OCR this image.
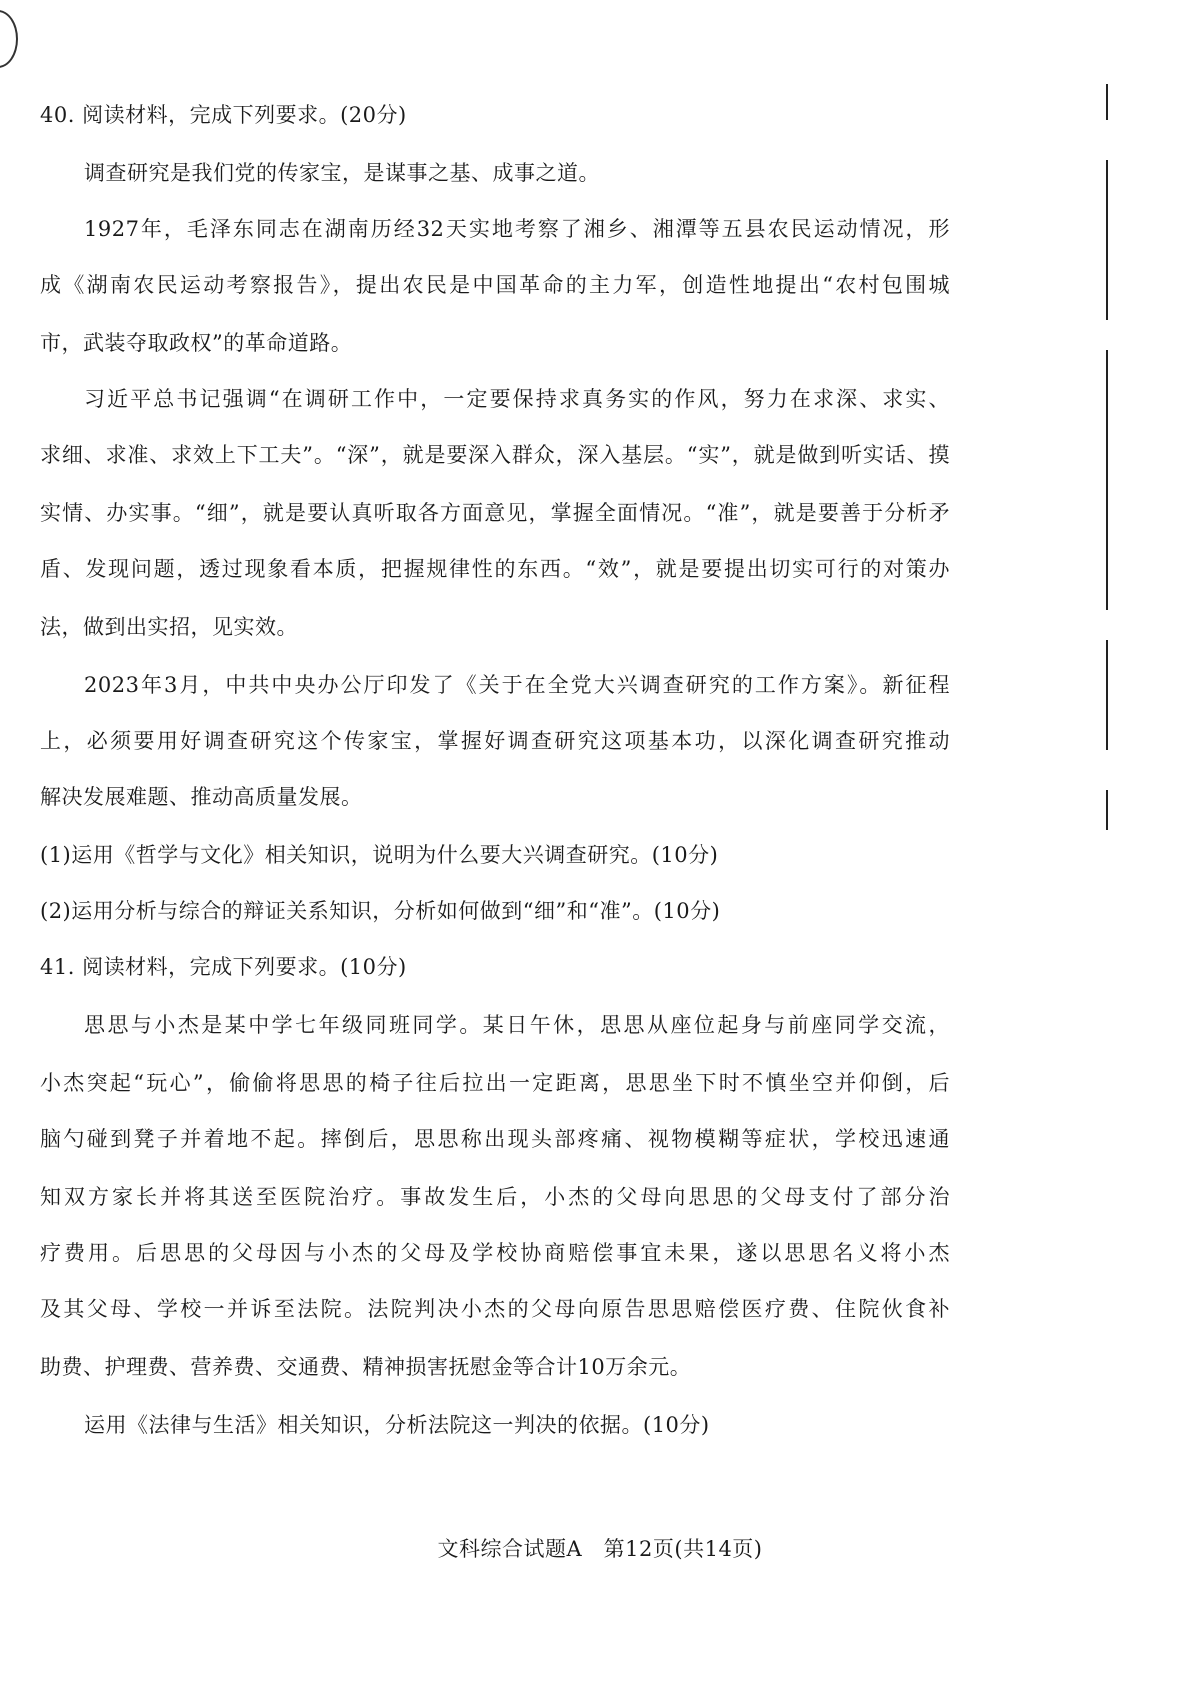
40. 阅读材料，完成下列要求。(20分)

调查研究是我们党的传家宝，是谋事之基、成事之道。

1927年，毛泽东同志在湖南历经32天实地考察了湘乡、湘潭等五县农民运动情况，形

成《湖南农民运动考察报告》，提出农民是中国革命的主力军，创造性地提出“农村包围城

市，武装夺取政权”的革命道路。

习近平总书记强调“在调研工作中，一定要保持求真务实的作风，努力在求深、求实、

求细、求准、求效上下工夫”。“深”，就是要深入群众，深入基层。“实”，就是做到听实话、摸

实情、办实事。“细”，就是要认真听取各方面意见，掌握全面情况。“准”，就是要善于分析矛

盾、发现问题，透过现象看本质，把握规律性的东西。“效”，就是要提出切实可行的对策办

法，做到出实招，见实效。

2023年3月，中共中央办公厅印发了《关于在全党大兴调查研究的工作方案》。新征程

上，必须要用好调查研究这个传家宝，掌握好调查研究这项基本功，以深化调查研究推动

解决发展难题、推动高质量发展。

(1)运用《哲学与文化》相关知识，说明为什么要大兴调查研究。(10分)

(2)运用分析与综合的辩证关系知识，分析如何做到“细”和“准”。(10分)

41. 阅读材料，完成下列要求。(10分)

思思与小杰是某中学七年级同班同学。某日午休，思思从座位起身与前座同学交流，

小杰突起“玩心”，偷偷将思思的椅子往后拉出一定距离，思思坐下时不慎坐空并仰倒，后

脑勺碰到凳子并着地不起。摔倒后，思思称出现头部疼痛、视物模糊等症状，学校迅速通

知双方家长并将其送至医院治疗。事故发生后，小杰的父母向思思的父母支付了部分治

疗费用。后思思的父母因与小杰的父母及学校协商赔偿事宜未果，遂以思思名义将小杰

及其父母、学校一并诉至法院。法院判决小杰的父母向原告思思赔偿医疗费、住院伙食补

助费、护理费、营养费、交通费、精神损害抚慰金等合计10万余元。

运用《法律与生活》相关知识，分析法院这一判决的依据。(10分)

文科综合试题A　第12页(共14页)
